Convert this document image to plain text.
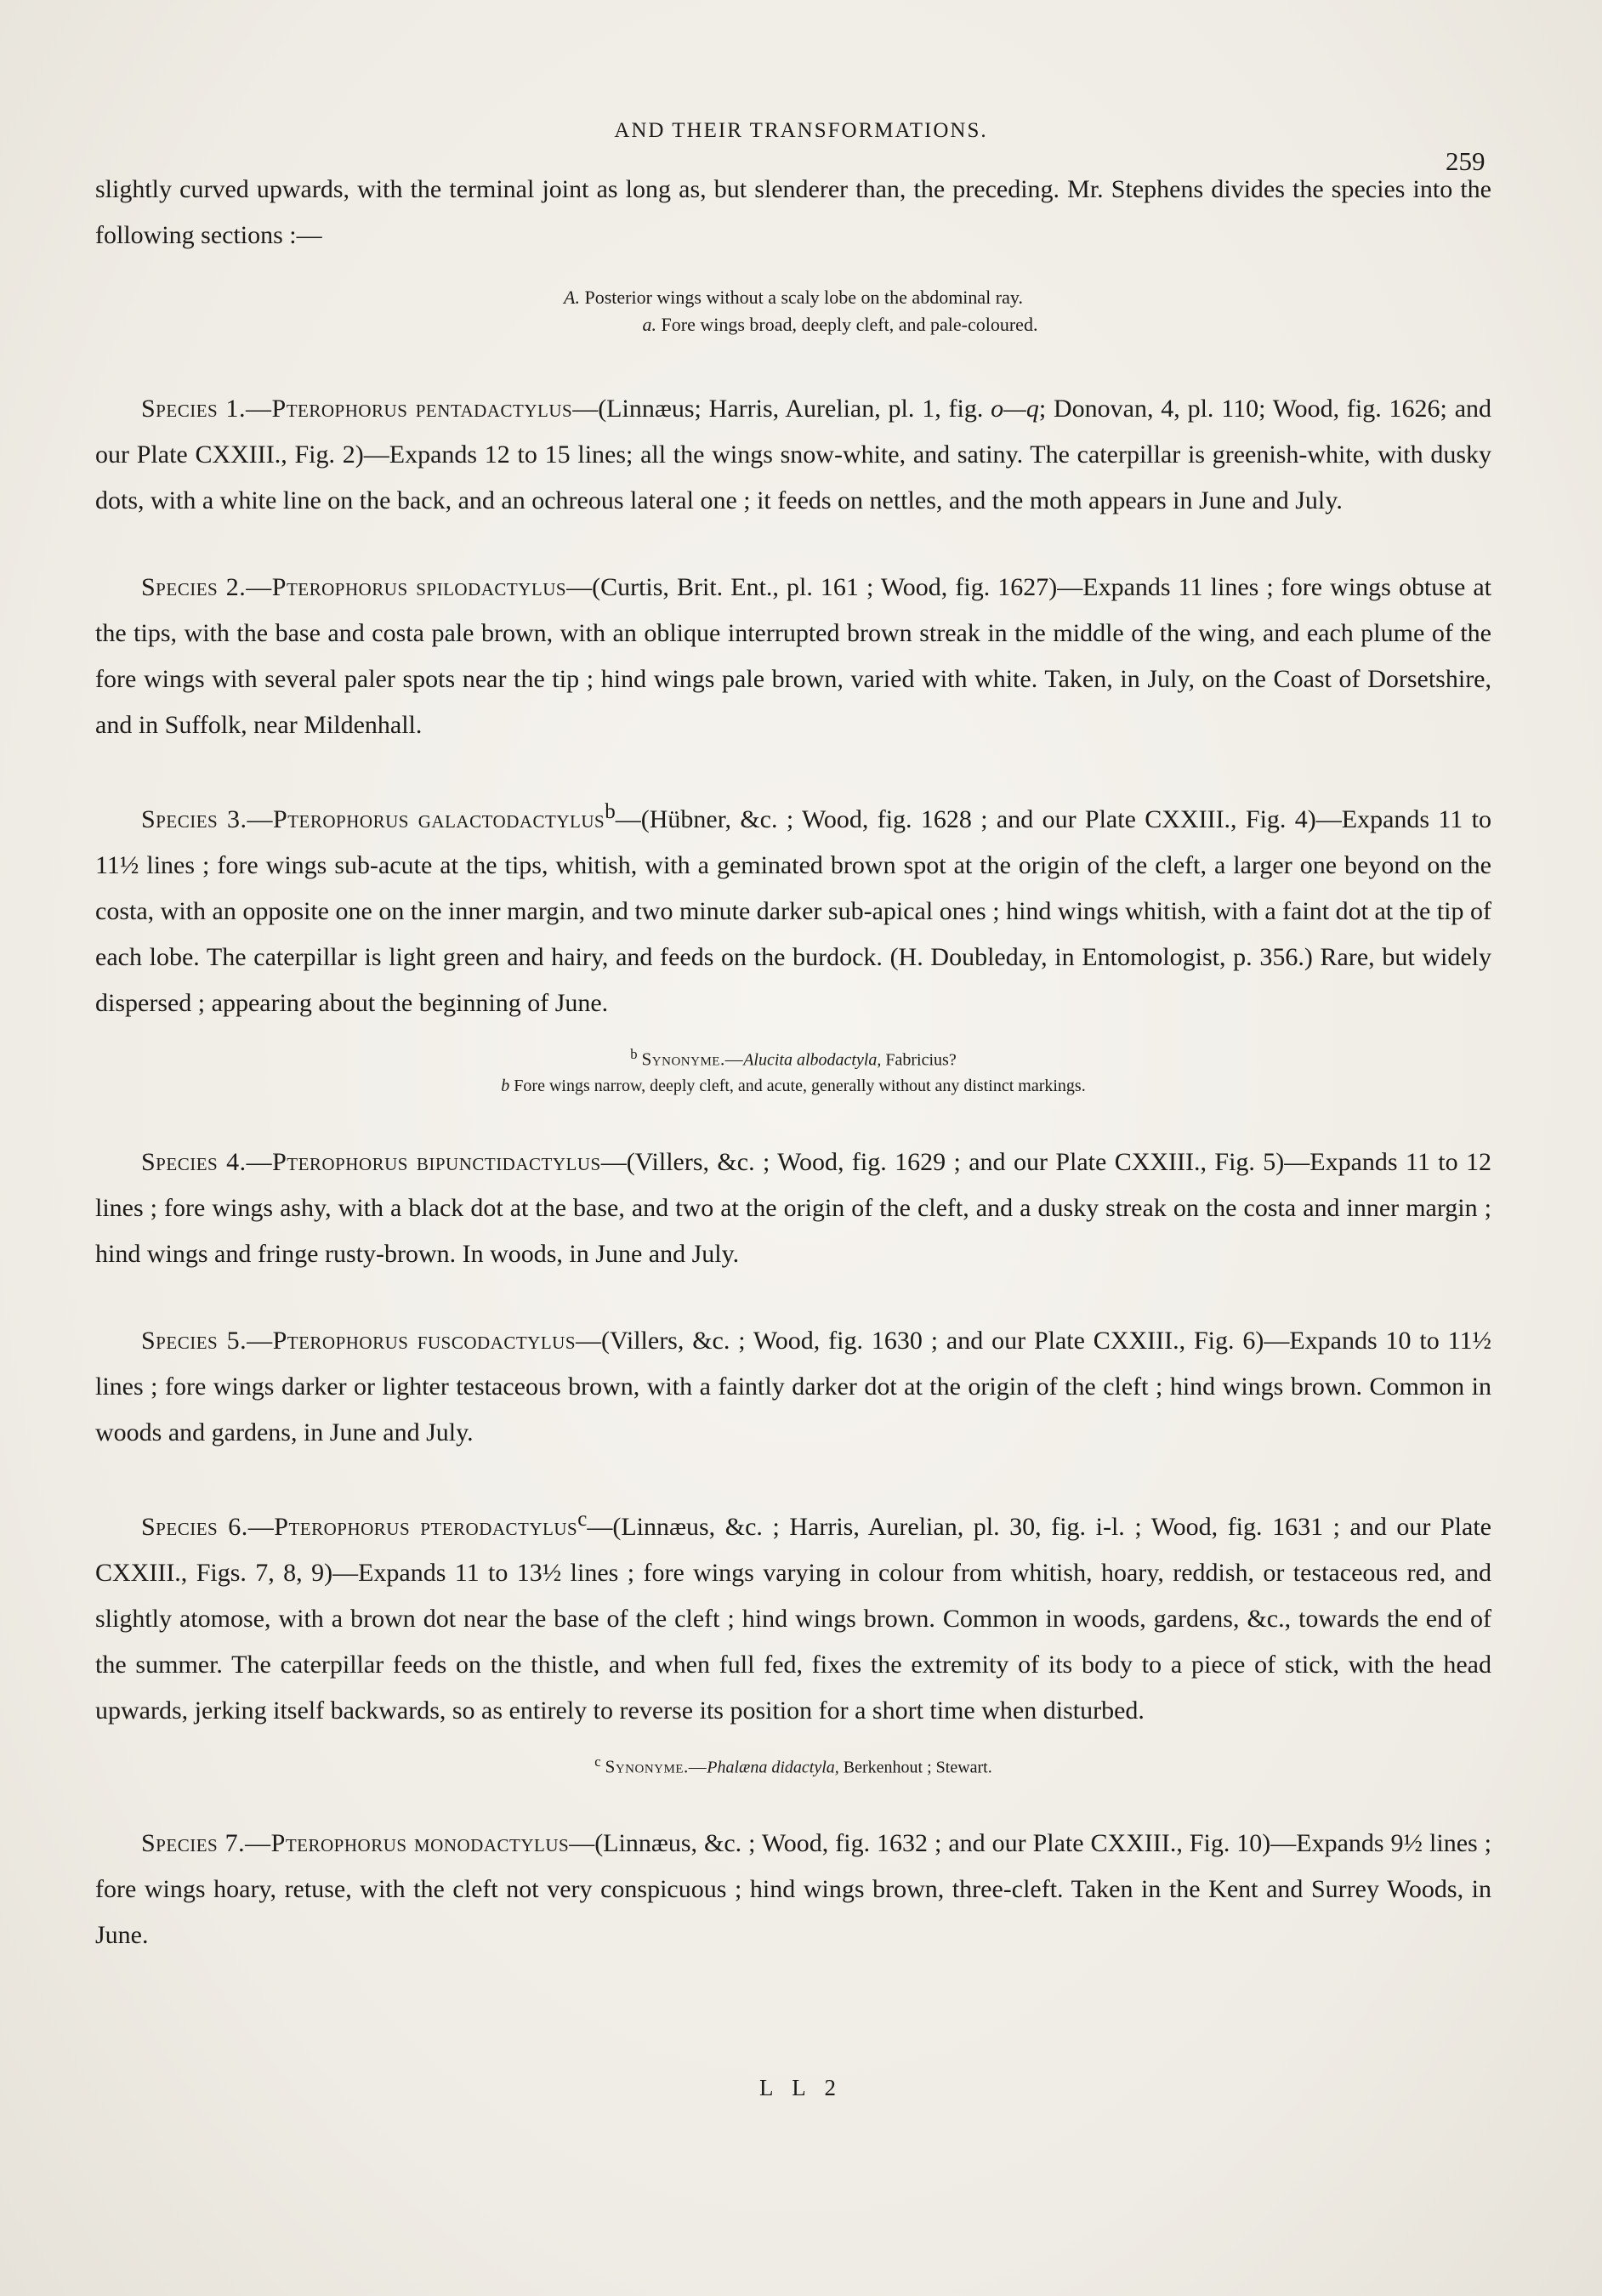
AND THEIR TRANSFORMATIONS.
259

slightly curved upwards, with the terminal joint as long as, but slenderer than, the preceding. Mr. Stephens divides the species into the following sections :—

A. Posterior wings without a scaly lobe on the abdominal ray.
a. Fore wings broad, deeply cleft, and pale-coloured.

Species 1.—Pterophorus pentadactylus—(Linnæus; Harris, Aurelian, pl. 1, fig. o—q; Donovan, 4, pl. 110; Wood, fig. 1626; and our Plate CXXIII., Fig. 2)—Expands 12 to 15 lines; all the wings snow-white, and satiny. The caterpillar is greenish-white, with dusky dots, with a white line on the back, and an ochreous lateral one ; it feeds on nettles, and the moth appears in June and July.

Species 2.—Pterophorus spilodactylus—(Curtis, Brit. Ent., pl. 161 ; Wood, fig. 1627)—Expands 11 lines ; fore wings obtuse at the tips, with the base and costa pale brown, with an oblique interrupted brown streak in the middle of the wing, and each plume of the fore wings with several paler spots near the tip ; hind wings pale brown, varied with white. Taken, in July, on the Coast of Dorsetshire, and in Suffolk, near Mildenhall.

Species 3.—Pterophorus galactodactylus$^b$—(Hübner, &c. ; Wood, fig. 1628 ; and our Plate CXXIII., Fig. 4)—Expands 11 to 11½ lines ; fore wings sub-acute at the tips, whitish, with a geminated brown spot at the origin of the cleft, a larger one beyond on the costa, with an opposite one on the inner margin, and two minute darker sub-apical ones ; hind wings whitish, with a faint dot at the tip of each lobe. The caterpillar is light green and hairy, and feeds on the burdock. (H. Doubleday, in Entomologist, p. 356.) Rare, but widely dispersed ; appearing about the beginning of June.

$^b$ Synonyme.—Alucita albodactyla, Fabricius?
b Fore wings narrow, deeply cleft, and acute, generally without any distinct markings.

Species 4.—Pterophorus bipunctidactylus—(Villers, &c. ; Wood, fig. 1629 ; and our Plate CXXIII., Fig. 5)—Expands 11 to 12 lines ; fore wings ashy, with a black dot at the base, and two at the origin of the cleft, and a dusky streak on the costa and inner margin ; hind wings and fringe rusty-brown. In woods, in June and July.

Species 5.—Pterophorus fuscodactylus—(Villers, &c. ; Wood, fig. 1630 ; and our Plate CXXIII., Fig. 6)—Expands 10 to 11½ lines ; fore wings darker or lighter testaceous brown, with a faintly darker dot at the origin of the cleft ; hind wings brown. Common in woods and gardens, in June and July.

Species 6.—Pterophorus pterodactylus$^c$—(Linnæus, &c. ; Harris, Aurelian, pl. 30, fig. i-l. ; Wood, fig. 1631 ; and our Plate CXXIII., Figs. 7, 8, 9)—Expands 11 to 13½ lines ; fore wings varying in colour from whitish, hoary, reddish, or testaceous red, and slightly atomose, with a brown dot near the base of the cleft ; hind wings brown. Common in woods, gardens, &c., towards the end of the summer. The caterpillar feeds on the thistle, and when full fed, fixes the extremity of its body to a piece of stick, with the head upwards, jerking itself backwards, so as entirely to reverse its position for a short time when disturbed.

$^c$ Synonyme.—Phalæna didactyla, Berkenhout ; Stewart.

Species 7.—Pterophorus monodactylus—(Linnæus, &c. ; Wood, fig. 1632 ; and our Plate CXXIII., Fig. 10)—Expands 9½ lines ; fore wings hoary, retuse, with the cleft not very conspicuous ; hind wings brown, three-cleft. Taken in the Kent and Surrey Woods, in June.

L L 2
